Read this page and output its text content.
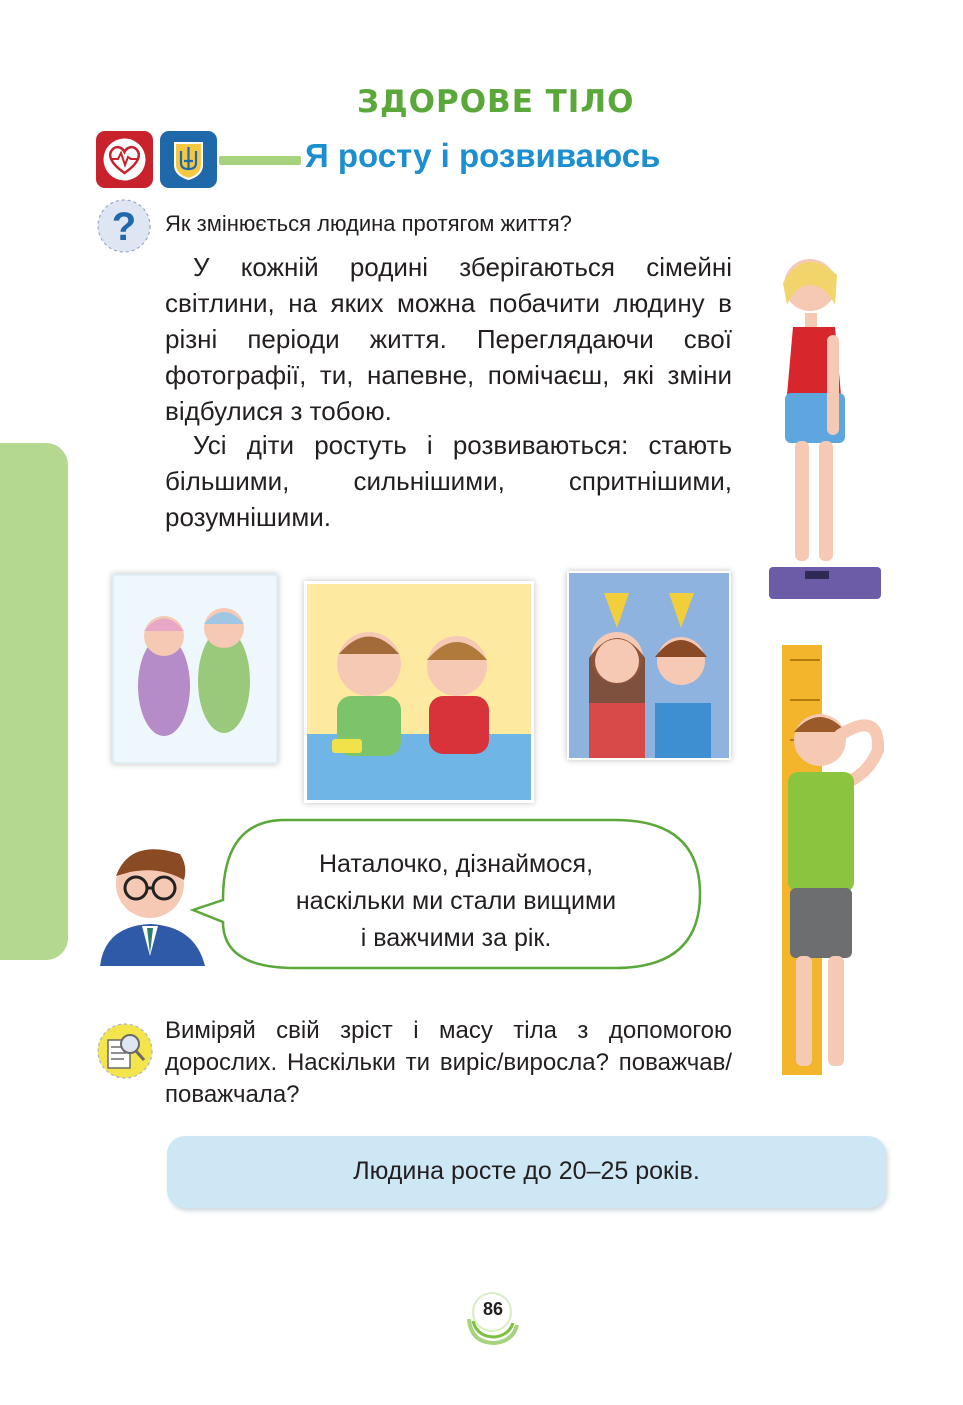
ЗДОРОВЕ ТІЛО
Я росту і розвиваюсь
? Як змінюється людина протягом життя?
У кожній родині зберігаються сімейні світлини, на яких можна побачити людину в різні періоди життя. Переглядаючи свої фотографії, ти, напевне, помічаєш, які зміни відбулися з тобою.
Усі діти ростуть і розвиваються: стають більшими, сильнішими, спритнішими, розумнішими.
Наталочко, дізнаймося,
наскільки ми стали вищими
і важчими за рік.
Виміряй свій зріст і масу тіла з допомогою дорослих. Наскільки ти виріс/виросла? поважчав/поважчала?
Людина росте до 20–25 років.
86
